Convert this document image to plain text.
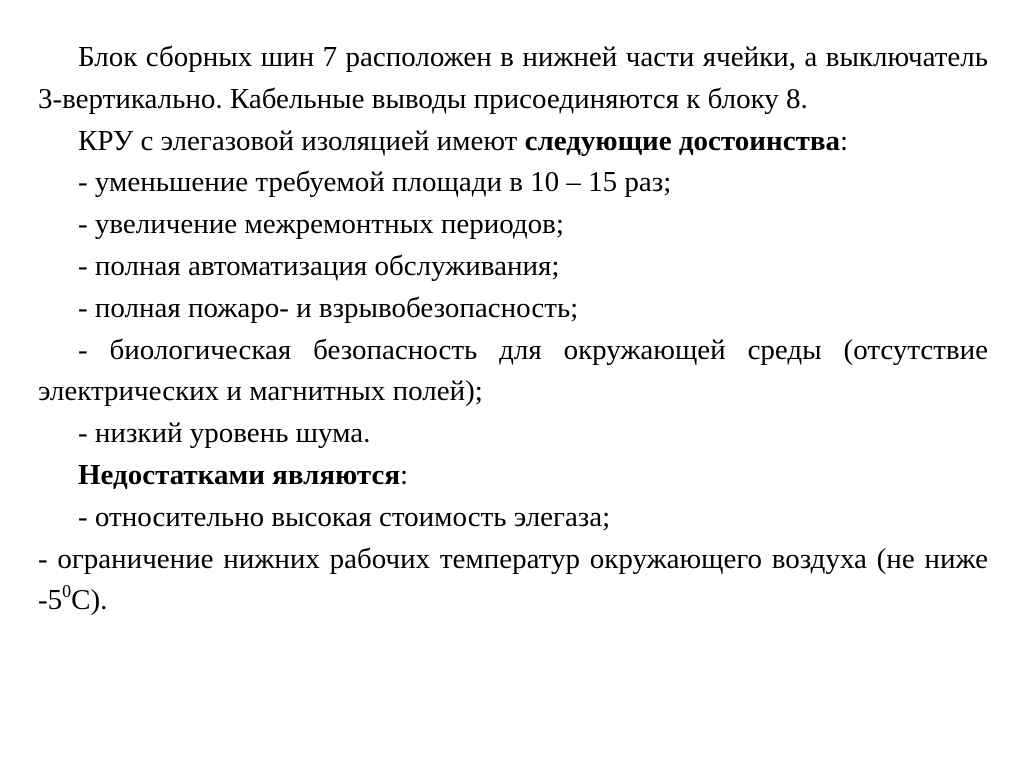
Блок сборных шин 7 расположен в нижней части ячейки, а выключатель 3-вертикально. Кабельные выводы присоединяются к блоку 8.

КРУ с элегазовой изоляцией имеют следующие достоинства:

- уменьшение требуемой площади в 10 – 15 раз;

- увеличение межремонтных периодов;

- полная автоматизация обслуживания;

- полная пожаро- и взрывобезопасность;

- биологическая безопасность для окружающей среды (отсутствие электрических и магнитных полей);

- низкий уровень шума.

Недостатками являются:

- относительно высокая стоимость элегаза;

- ограничение нижних рабочих температур окружающего воздуха (не ниже $-5^0С$).
